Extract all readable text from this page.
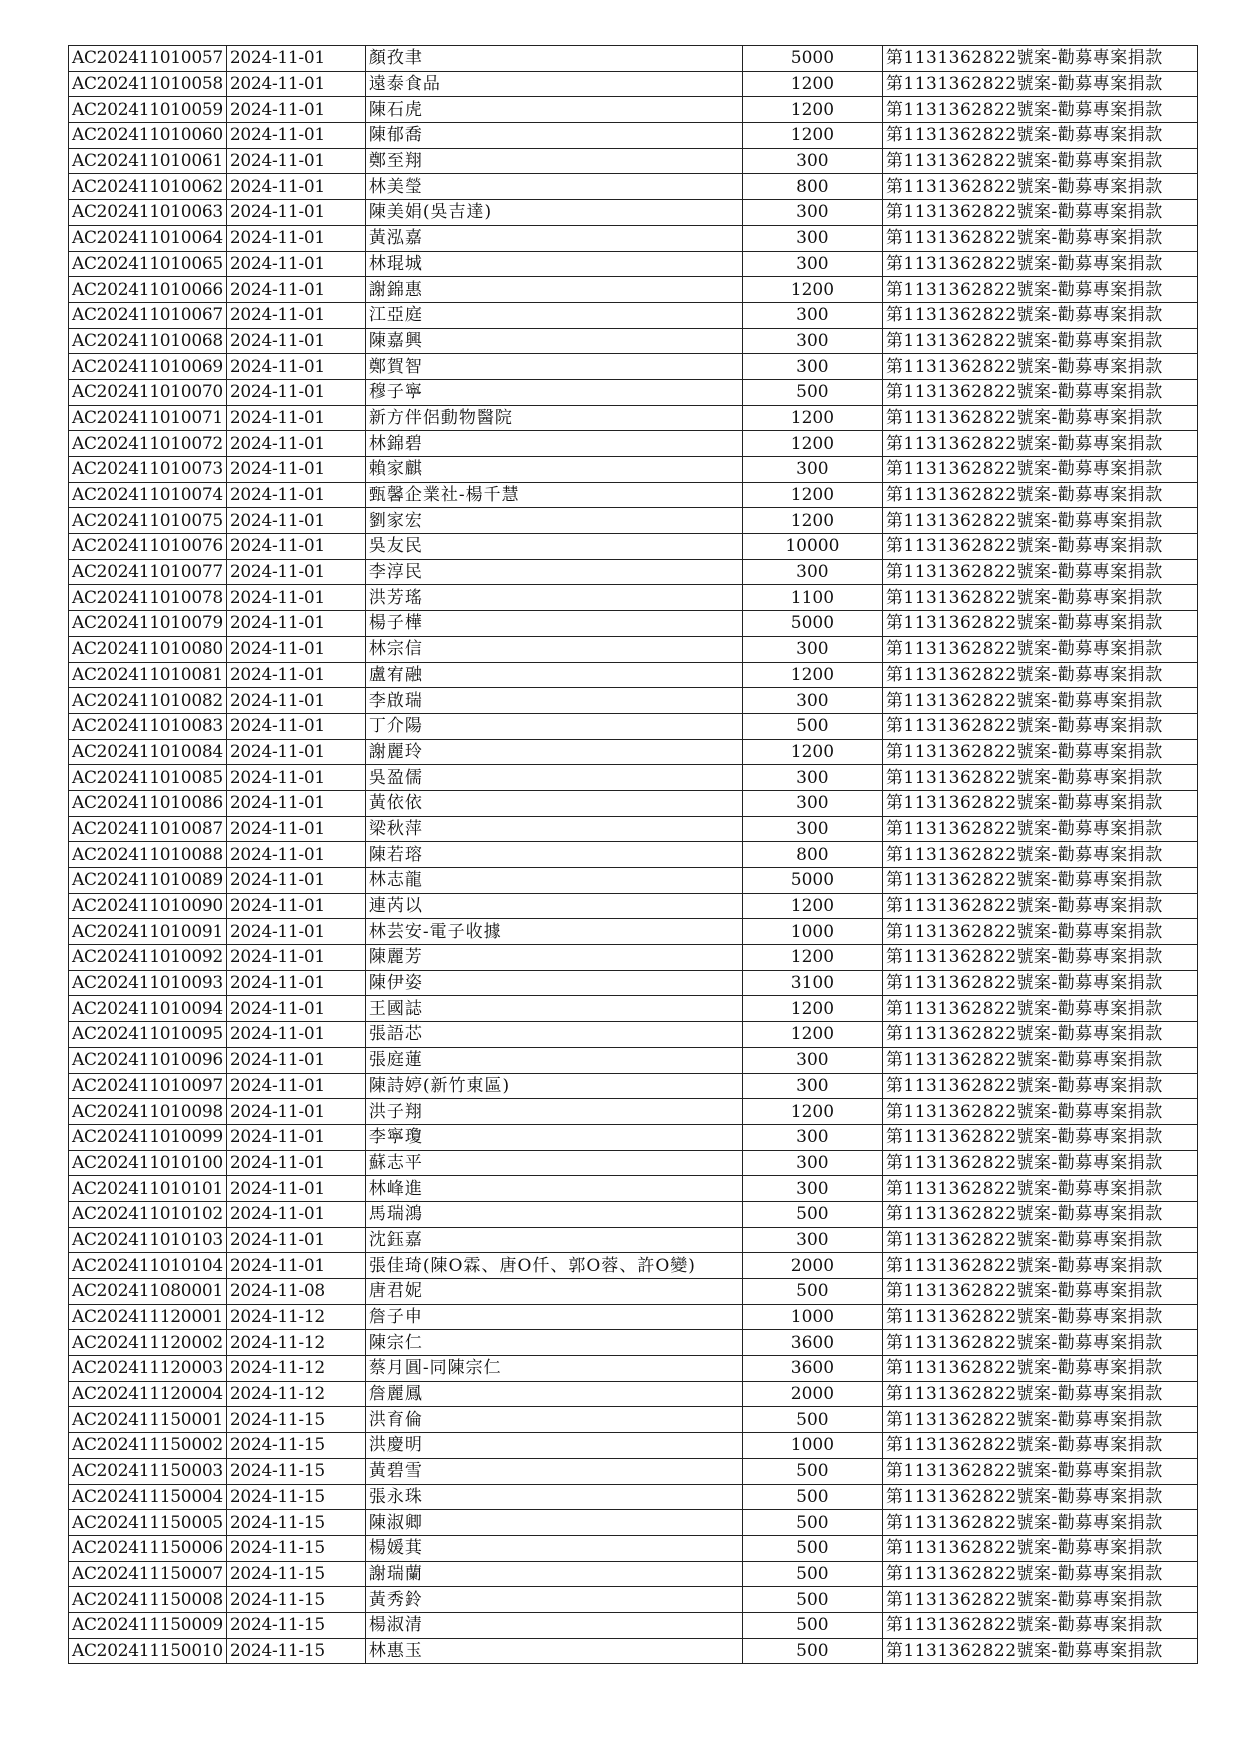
AC202411010057	2024-11-01	顏孜聿	5000	第1131362822號案-勸募專案捐款
AC202411010058	2024-11-01	遠泰食品	1200	第1131362822號案-勸募專案捐款
AC202411010059	2024-11-01	陳石虎	1200	第1131362822號案-勸募專案捐款
AC202411010060	2024-11-01	陳郁喬	1200	第1131362822號案-勸募專案捐款
AC202411010061	2024-11-01	鄭至翔	300	第1131362822號案-勸募專案捐款
AC202411010062	2024-11-01	林美瑩	800	第1131362822號案-勸募專案捐款
AC202411010063	2024-11-01	陳美娟(吳吉達)	300	第1131362822號案-勸募專案捐款
AC202411010064	2024-11-01	黃泓嘉	300	第1131362822號案-勸募專案捐款
AC202411010065	2024-11-01	林琨城	300	第1131362822號案-勸募專案捐款
AC202411010066	2024-11-01	謝錦惠	1200	第1131362822號案-勸募專案捐款
AC202411010067	2024-11-01	江亞庭	300	第1131362822號案-勸募專案捐款
AC202411010068	2024-11-01	陳嘉興	300	第1131362822號案-勸募專案捐款
AC202411010069	2024-11-01	鄭賀智	300	第1131362822號案-勸募專案捐款
AC202411010070	2024-11-01	穆子寧	500	第1131362822號案-勸募專案捐款
AC202411010071	2024-11-01	新方伴侶動物醫院	1200	第1131362822號案-勸募專案捐款
AC202411010072	2024-11-01	林錦碧	1200	第1131362822號案-勸募專案捐款
AC202411010073	2024-11-01	賴家麒	300	第1131362822號案-勸募專案捐款
AC202411010074	2024-11-01	甄馨企業社-楊千慧	1200	第1131362822號案-勸募專案捐款
AC202411010075	2024-11-01	劉家宏	1200	第1131362822號案-勸募專案捐款
AC202411010076	2024-11-01	吳友民	10000	第1131362822號案-勸募專案捐款
AC202411010077	2024-11-01	李淳民	300	第1131362822號案-勸募專案捐款
AC202411010078	2024-11-01	洪芳瑤	1100	第1131362822號案-勸募專案捐款
AC202411010079	2024-11-01	楊子樺	5000	第1131362822號案-勸募專案捐款
AC202411010080	2024-11-01	林宗信	300	第1131362822號案-勸募專案捐款
AC202411010081	2024-11-01	盧宥融	1200	第1131362822號案-勸募專案捐款
AC202411010082	2024-11-01	李啟瑞	300	第1131362822號案-勸募專案捐款
AC202411010083	2024-11-01	丁介陽	500	第1131362822號案-勸募專案捐款
AC202411010084	2024-11-01	謝麗玲	1200	第1131362822號案-勸募專案捐款
AC202411010085	2024-11-01	吳盈儒	300	第1131362822號案-勸募專案捐款
AC202411010086	2024-11-01	黃依依	300	第1131362822號案-勸募專案捐款
AC202411010087	2024-11-01	梁秋萍	300	第1131362822號案-勸募專案捐款
AC202411010088	2024-11-01	陳若瑢	800	第1131362822號案-勸募專案捐款
AC202411010089	2024-11-01	林志龍	5000	第1131362822號案-勸募專案捐款
AC202411010090	2024-11-01	連芮以	1200	第1131362822號案-勸募專案捐款
AC202411010091	2024-11-01	林芸安-電子收據	1000	第1131362822號案-勸募專案捐款
AC202411010092	2024-11-01	陳麗芳	1200	第1131362822號案-勸募專案捐款
AC202411010093	2024-11-01	陳伊姿	3100	第1131362822號案-勸募專案捐款
AC202411010094	2024-11-01	王國誌	1200	第1131362822號案-勸募專案捐款
AC202411010095	2024-11-01	張語芯	1200	第1131362822號案-勸募專案捐款
AC202411010096	2024-11-01	張庭蓮	300	第1131362822號案-勸募專案捐款
AC202411010097	2024-11-01	陳詩婷(新竹東區)	300	第1131362822號案-勸募專案捐款
AC202411010098	2024-11-01	洪子翔	1200	第1131362822號案-勸募專案捐款
AC202411010099	2024-11-01	李寧瓊	300	第1131362822號案-勸募專案捐款
AC202411010100	2024-11-01	蘇志平	300	第1131362822號案-勸募專案捐款
AC202411010101	2024-11-01	林峰進	300	第1131362822號案-勸募專案捐款
AC202411010102	2024-11-01	馬瑞鴻	500	第1131362822號案-勸募專案捐款
AC202411010103	2024-11-01	沈鈺嘉	300	第1131362822號案-勸募專案捐款
AC202411010104	2024-11-01	張佳琦(陳O霖、唐O仟、郭O蓉、許O變)	2000	第1131362822號案-勸募專案捐款
AC202411080001	2024-11-08	唐君妮	500	第1131362822號案-勸募專案捐款
AC202411120001	2024-11-12	詹子申	1000	第1131362822號案-勸募專案捐款
AC202411120002	2024-11-12	陳宗仁	3600	第1131362822號案-勸募專案捐款
AC202411120003	2024-11-12	蔡月圓-同陳宗仁	3600	第1131362822號案-勸募專案捐款
AC202411120004	2024-11-12	詹麗鳳	2000	第1131362822號案-勸募專案捐款
AC202411150001	2024-11-15	洪育倫	500	第1131362822號案-勸募專案捐款
AC202411150002	2024-11-15	洪慶明	1000	第1131362822號案-勸募專案捐款
AC202411150003	2024-11-15	黃碧雪	500	第1131362822號案-勸募專案捐款
AC202411150004	2024-11-15	張永珠	500	第1131362822號案-勸募專案捐款
AC202411150005	2024-11-15	陳淑卿	500	第1131362822號案-勸募專案捐款
AC202411150006	2024-11-15	楊媛萁	500	第1131362822號案-勸募專案捐款
AC202411150007	2024-11-15	謝瑞蘭	500	第1131362822號案-勸募專案捐款
AC202411150008	2024-11-15	黃秀鈴	500	第1131362822號案-勸募專案捐款
AC202411150009	2024-11-15	楊淑清	500	第1131362822號案-勸募專案捐款
AC202411150010	2024-11-15	林惠玉	500	第1131362822號案-勸募專案捐款
